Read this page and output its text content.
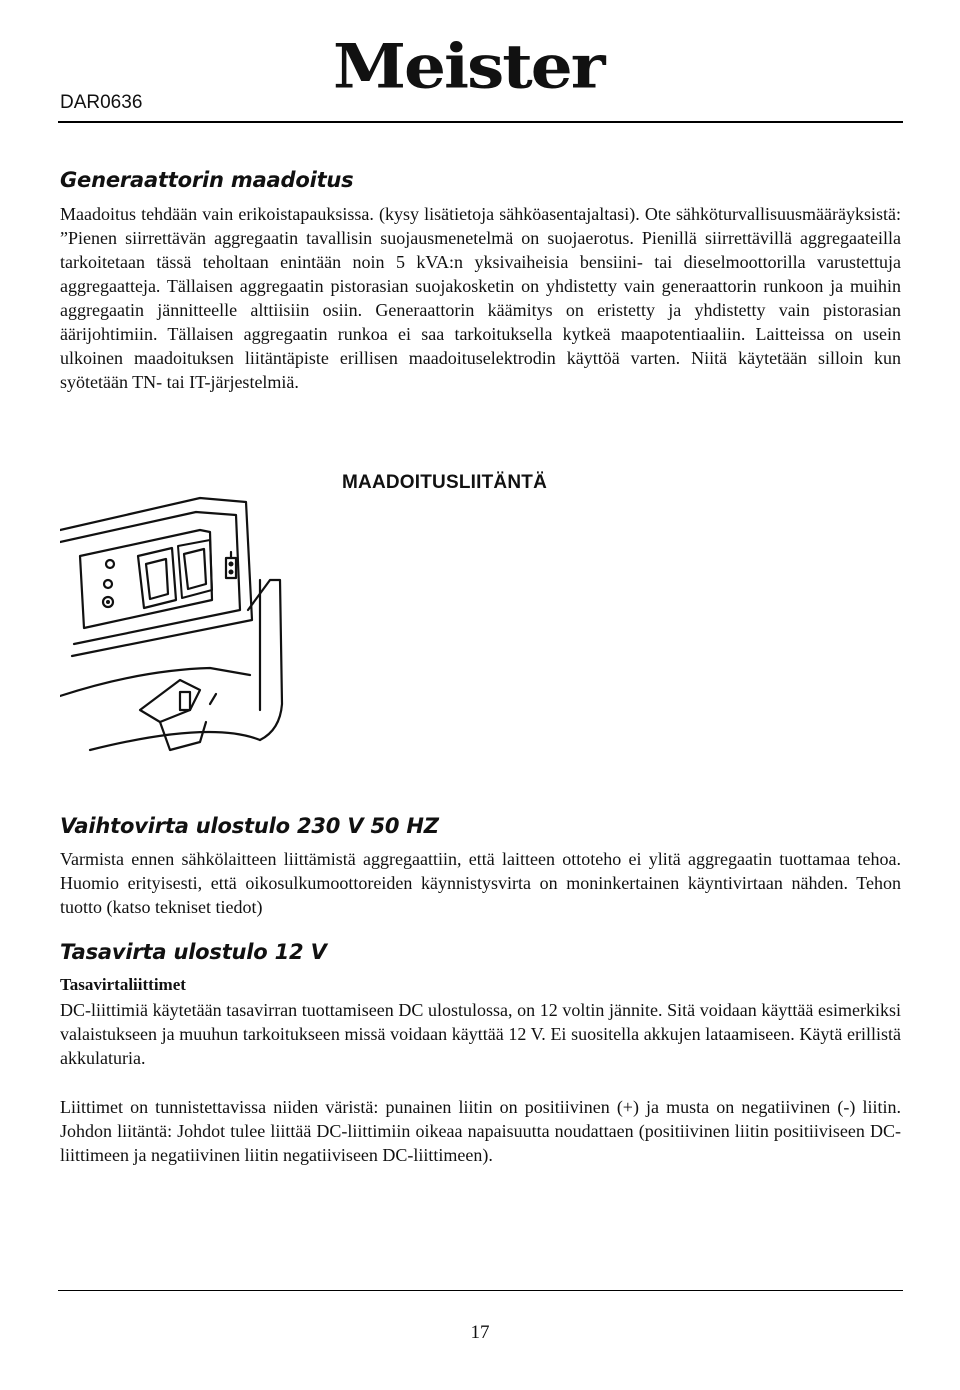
DAR0636
Meister
Generaattorin maadoitus

Maadoitus tehdään vain erikoistapauksissa. (kysy lisätietoja sähköasentajaltasi). Ote sähköturvallisuusmääräyksistä: ”Pienen siirrettävän aggregaatin tavallisin suojausmenetelmä on suojaerotus. Pienillä siirrettävillä aggregaateilla tarkoitetaan tässä teholtaan enintään noin 5 kVA:n yksivaiheisia bensiini- tai dieselmoottorilla varustettuja aggregaatteja. Tällaisen aggregaatin pistorasian suojakosketin on yhdistetty vain generaattorin runkoon ja muihin aggregaatin jännitteelle alttiisiin osiin. Generaattorin käämitys on eristetty ja yhdistetty vain pistorasian äärijohtimiin. Tällaisen aggregaatin runkoa ei saa tarkoituksella kytkeä maapotentiaaliin. Laitteissa on usein ulkoinen maadoituksen liitäntäpiste erillisen maadoituselektrodin käyttöä varten. Niitä käytetään silloin kun syötetään TN- tai IT-järjestelmiä.

MAADOITUSLIITÄNTÄ
Vaihtovirta ulostulo 230 V 50 HZ

Varmista ennen sähkölaitteen liittämistä aggregaattiin, että laitteen ottoteho ei ylitä aggregaatin tuottamaa tehoa. Huomio erityisesti, että oikosulkumoottoreiden käynnistysvirta on moninkertainen käyntivirtaan nähden. Tehon tuotto (katso tekniset tiedot)

Tasavirta ulostulo 12 V
Tasavirtaliittimet

DC-liittimiä käytetään tasavirran tuottamiseen DC ulostulossa, on 12 voltin jännite. Sitä voidaan käyttää esimerkiksi valaistukseen ja muuhun tarkoitukseen missä voidaan käyttää 12 V. Ei suositella akkujen lataamiseen. Käytä erillistä akkulaturia.

Liittimet on tunnistettavissa niiden väristä: punainen liitin on positiivinen (+) ja musta on negatiivinen (-) liitin. Johdon liitäntä: Johdot tulee liittää DC-liittimiin oikeaa napaisuutta noudattaen (positiivinen liitin positiiviseen DC-liittimeen ja negatiivinen liitin negatiiviseen DC-liittimeen).

17
